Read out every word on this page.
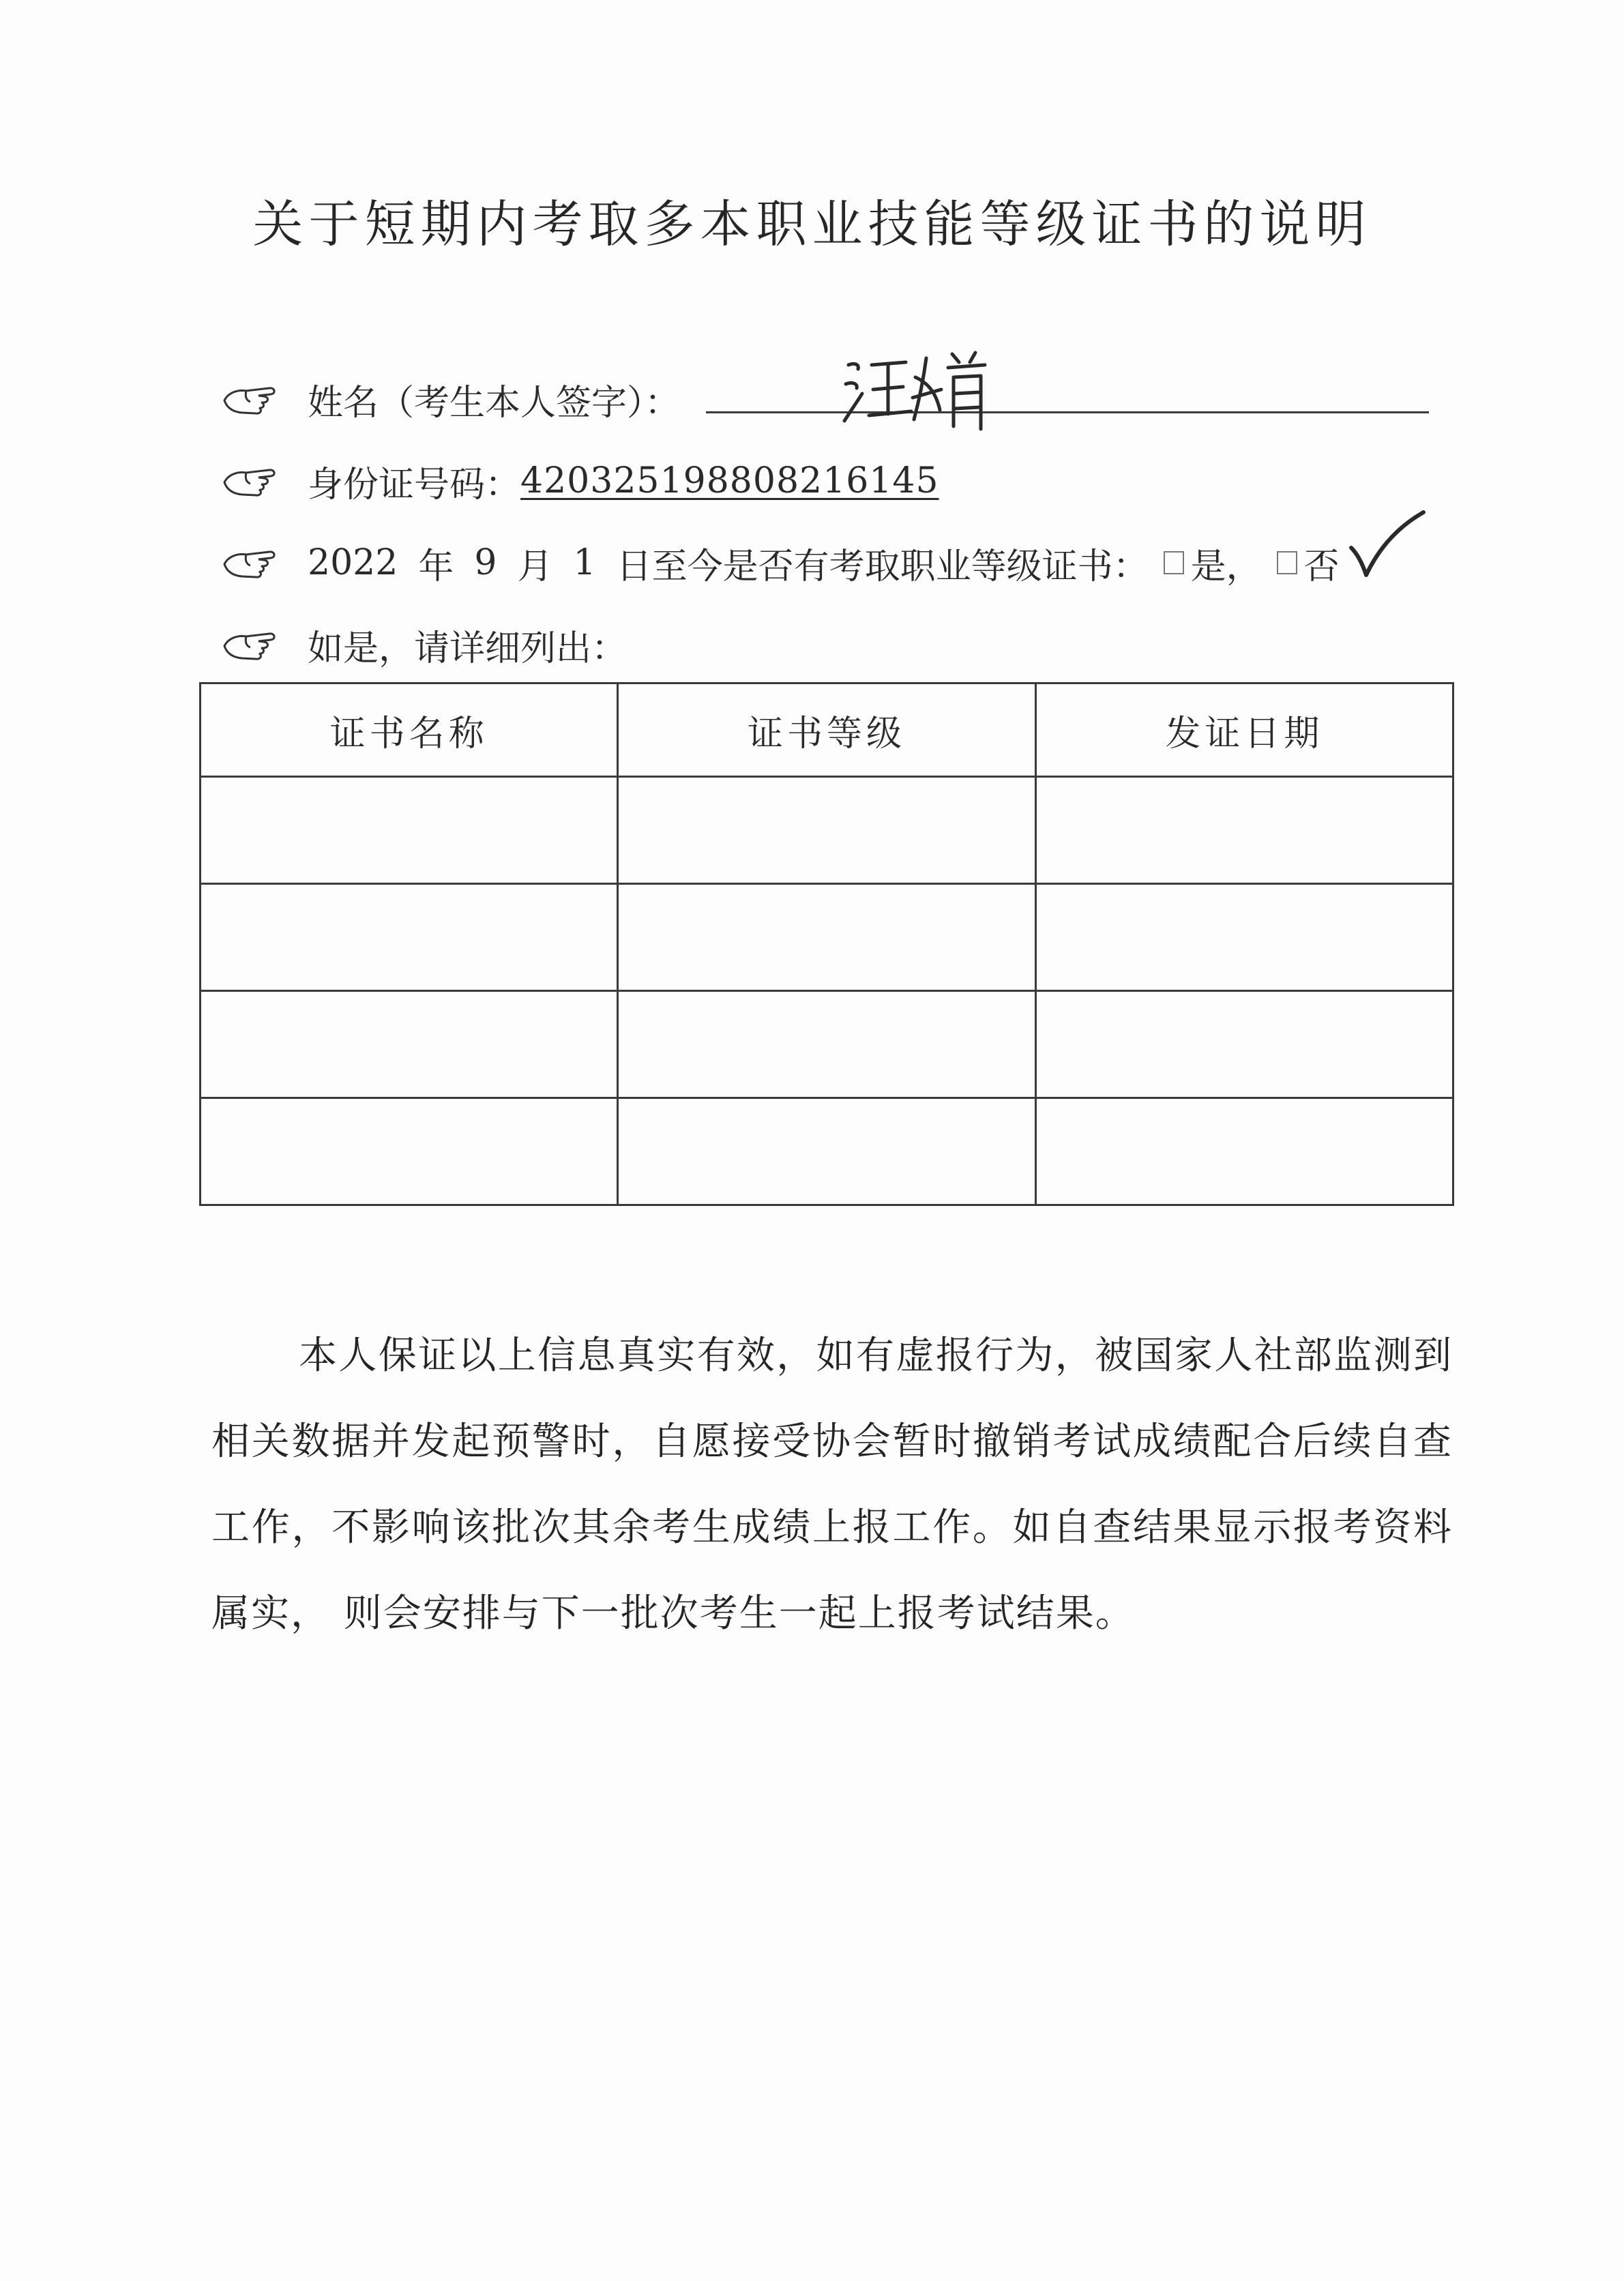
关于短期内考取多本职业技能等级证书的说明
姓名（考生本人签字）：
身份证号码： 420325198808216145
2022 年 9 月 1 日至今是否有考取职业等级证书： 是， 否
如是，请详细列出：
证书名称	证书等级	发证日期

本人保证以上信息真实有效，如有虚报行为，被国家人社部监测到相关数据并发起预警时，自愿接受协会暂时撤销考试成绩配合后续自查工作，不影响该批次其余考生成绩上报工作。如自查结果显示报考资料属实， 则会安排与下一批次考生一起上报考试结果。
